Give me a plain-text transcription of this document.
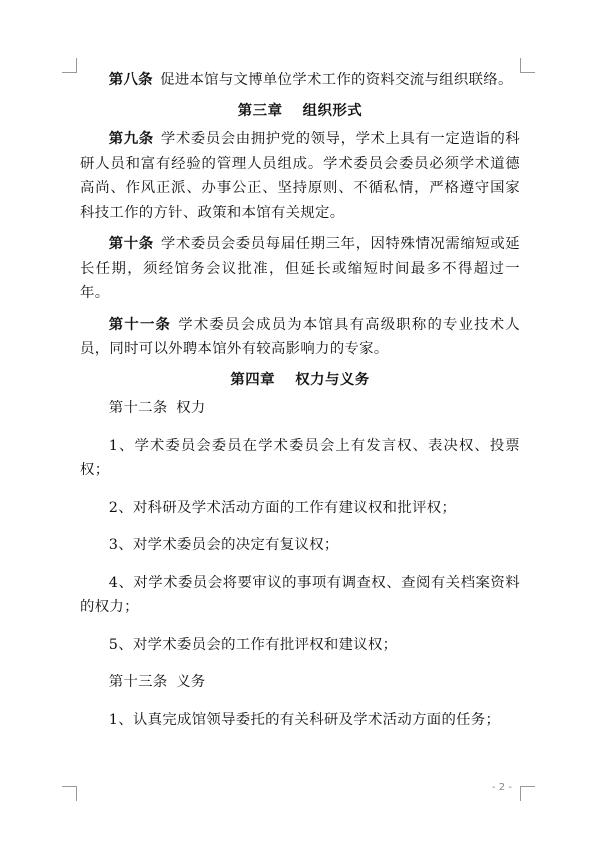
第八条 促进本馆与文博单位学术工作的资料交流与组织联络。

第三章 组织形式

第九条 学术委员会由拥护党的领导，学术上具有一定造诣的科研人员和富有经验的管理人员组成。学术委员会委员必须学术道德高尚、作风正派、办事公正、坚持原则、不循私情，严格遵守国家科技工作的方针、政策和本馆有关规定。

第十条 学术委员会委员每届任期三年，因特殊情况需缩短或延长任期，须经馆务会议批准，但延长或缩短时间最多不得超过一年。

第十一条 学术委员会成员为本馆具有高级职称的专业技术人员，同时可以外聘本馆外有较高影响力的专家。

第四章 权力与义务

第十二条 权力

1、学术委员会委员在学术委员会上有发言权、表决权、投票权；

2、对科研及学术活动方面的工作有建议权和批评权；

3、对学术委员会的决定有复议权；

4、对学术委员会将要审议的事项有调查权、查阅有关档案资料的权力；

5、对学术委员会的工作有批评权和建议权；

第十三条 义务

1、认真完成馆领导委托的有关科研及学术活动方面的任务；

- 2 -
